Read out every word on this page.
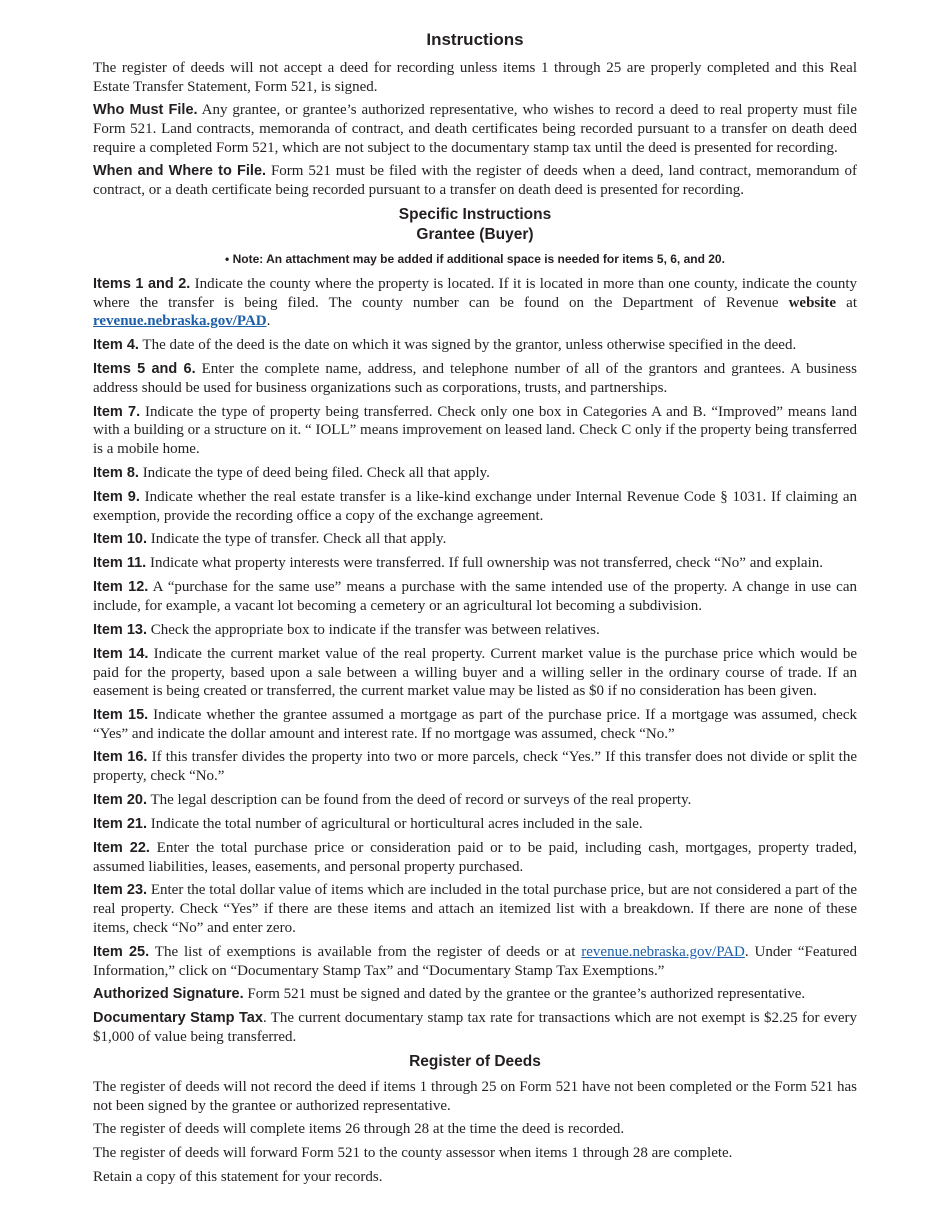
Instructions

The register of deeds will not accept a deed for recording unless items 1 through 25 are properly completed and this Real Estate Transfer Statement, Form 521, is signed.

Who Must File. Any grantee, or grantee’s authorized representative, who wishes to record a deed to real property must file Form 521. Land contracts, memoranda of contract, and death certificates being recorded pursuant to a transfer on death deed require a completed Form 521, which are not subject to the documentary stamp tax until the deed is presented for recording.

When and Where to File. Form 521 must be filed with the register of deeds when a deed, land contract, memorandum of contract, or a death certificate being recorded pursuant to a transfer on death deed is presented for recording.

Specific Instructions
Grantee (Buyer)
• Note: An attachment may be added if additional space is needed for items 5, 6, and 20.

Items 1 and 2. Indicate the county where the property is located. If it is located in more than one county, indicate the county where the transfer is being filed. The county number can be found on the Department of Revenue website at revenue.nebraska.gov/PAD.

Item 4. The date of the deed is the date on which it was signed by the grantor, unless otherwise specified in the deed.

Items 5 and 6. Enter the complete name, address, and telephone number of all of the grantors and grantees. A business address should be used for business organizations such as corporations, trusts, and partnerships.

Item 7. Indicate the type of property being transferred. Check only one box in Categories A and B. “Improved” means land with a building or a structure on it. “ IOLL” means improvement on leased land. Check C only if the property being transferred is a mobile home.

Item 8. Indicate the type of deed being filed. Check all that apply.

Item 9. Indicate whether the real estate transfer is a like-kind exchange under Internal Revenue Code § 1031. If claiming an exemption, provide the recording office a copy of the exchange agreement.

Item 10. Indicate the type of transfer. Check all that apply.

Item 11. Indicate what property interests were transferred. If full ownership was not transferred, check “No” and explain.

Item 12. A “purchase for the same use” means a purchase with the same intended use of the property. A change in use can include, for example, a vacant lot becoming a cemetery or an agricultural lot becoming a subdivision.

Item 13. Check the appropriate box to indicate if the transfer was between relatives.

Item 14. Indicate the current market value of the real property. Current market value is the purchase price which would be paid for the property, based upon a sale between a willing buyer and a willing seller in the ordinary course of trade. If an easement is being created or transferred, the current market value may be listed as $0 if no consideration has been given.

Item 15. Indicate whether the grantee assumed a mortgage as part of the purchase price. If a mortgage was assumed, check “Yes” and indicate the dollar amount and interest rate. If no mortgage was assumed, check “No.”

Item 16. If this transfer divides the property into two or more parcels, check “Yes.” If this transfer does not divide or split the property, check “No.”

Item 20. The legal description can be found from the deed of record or surveys of the real property.

Item 21. Indicate the total number of agricultural or horticultural acres included in the sale.

Item 22. Enter the total purchase price or consideration paid or to be paid, including cash, mortgages, property traded, assumed liabilities, leases, easements, and personal property purchased.

Item 23. Enter the total dollar value of items which are included in the total purchase price, but are not considered a part of the real property. Check “Yes” if there are these items and attach an itemized list with a breakdown. If there are none of these items, check “No” and enter zero.

Item 25. The list of exemptions is available from the register of deeds or at revenue.nebraska.gov/PAD. Under “Featured Information,” click on “Documentary Stamp Tax” and “Documentary Stamp Tax Exemptions.”

Authorized Signature. Form 521 must be signed and dated by the grantee or the grantee’s authorized representative.

Documentary Stamp Tax. The current documentary stamp tax rate for transactions which are not exempt is $2.25 for every $1,000 of value being transferred.

Register of Deeds

The register of deeds will not record the deed if items 1 through 25 on Form 521 have not been completed or the Form 521 has not been signed by the grantee or authorized representative.

The register of deeds will complete items 26 through 28 at the time the deed is recorded.

The register of deeds will forward Form 521 to the county assessor when items 1 through 28 are complete.

Retain a copy of this statement for your records.
